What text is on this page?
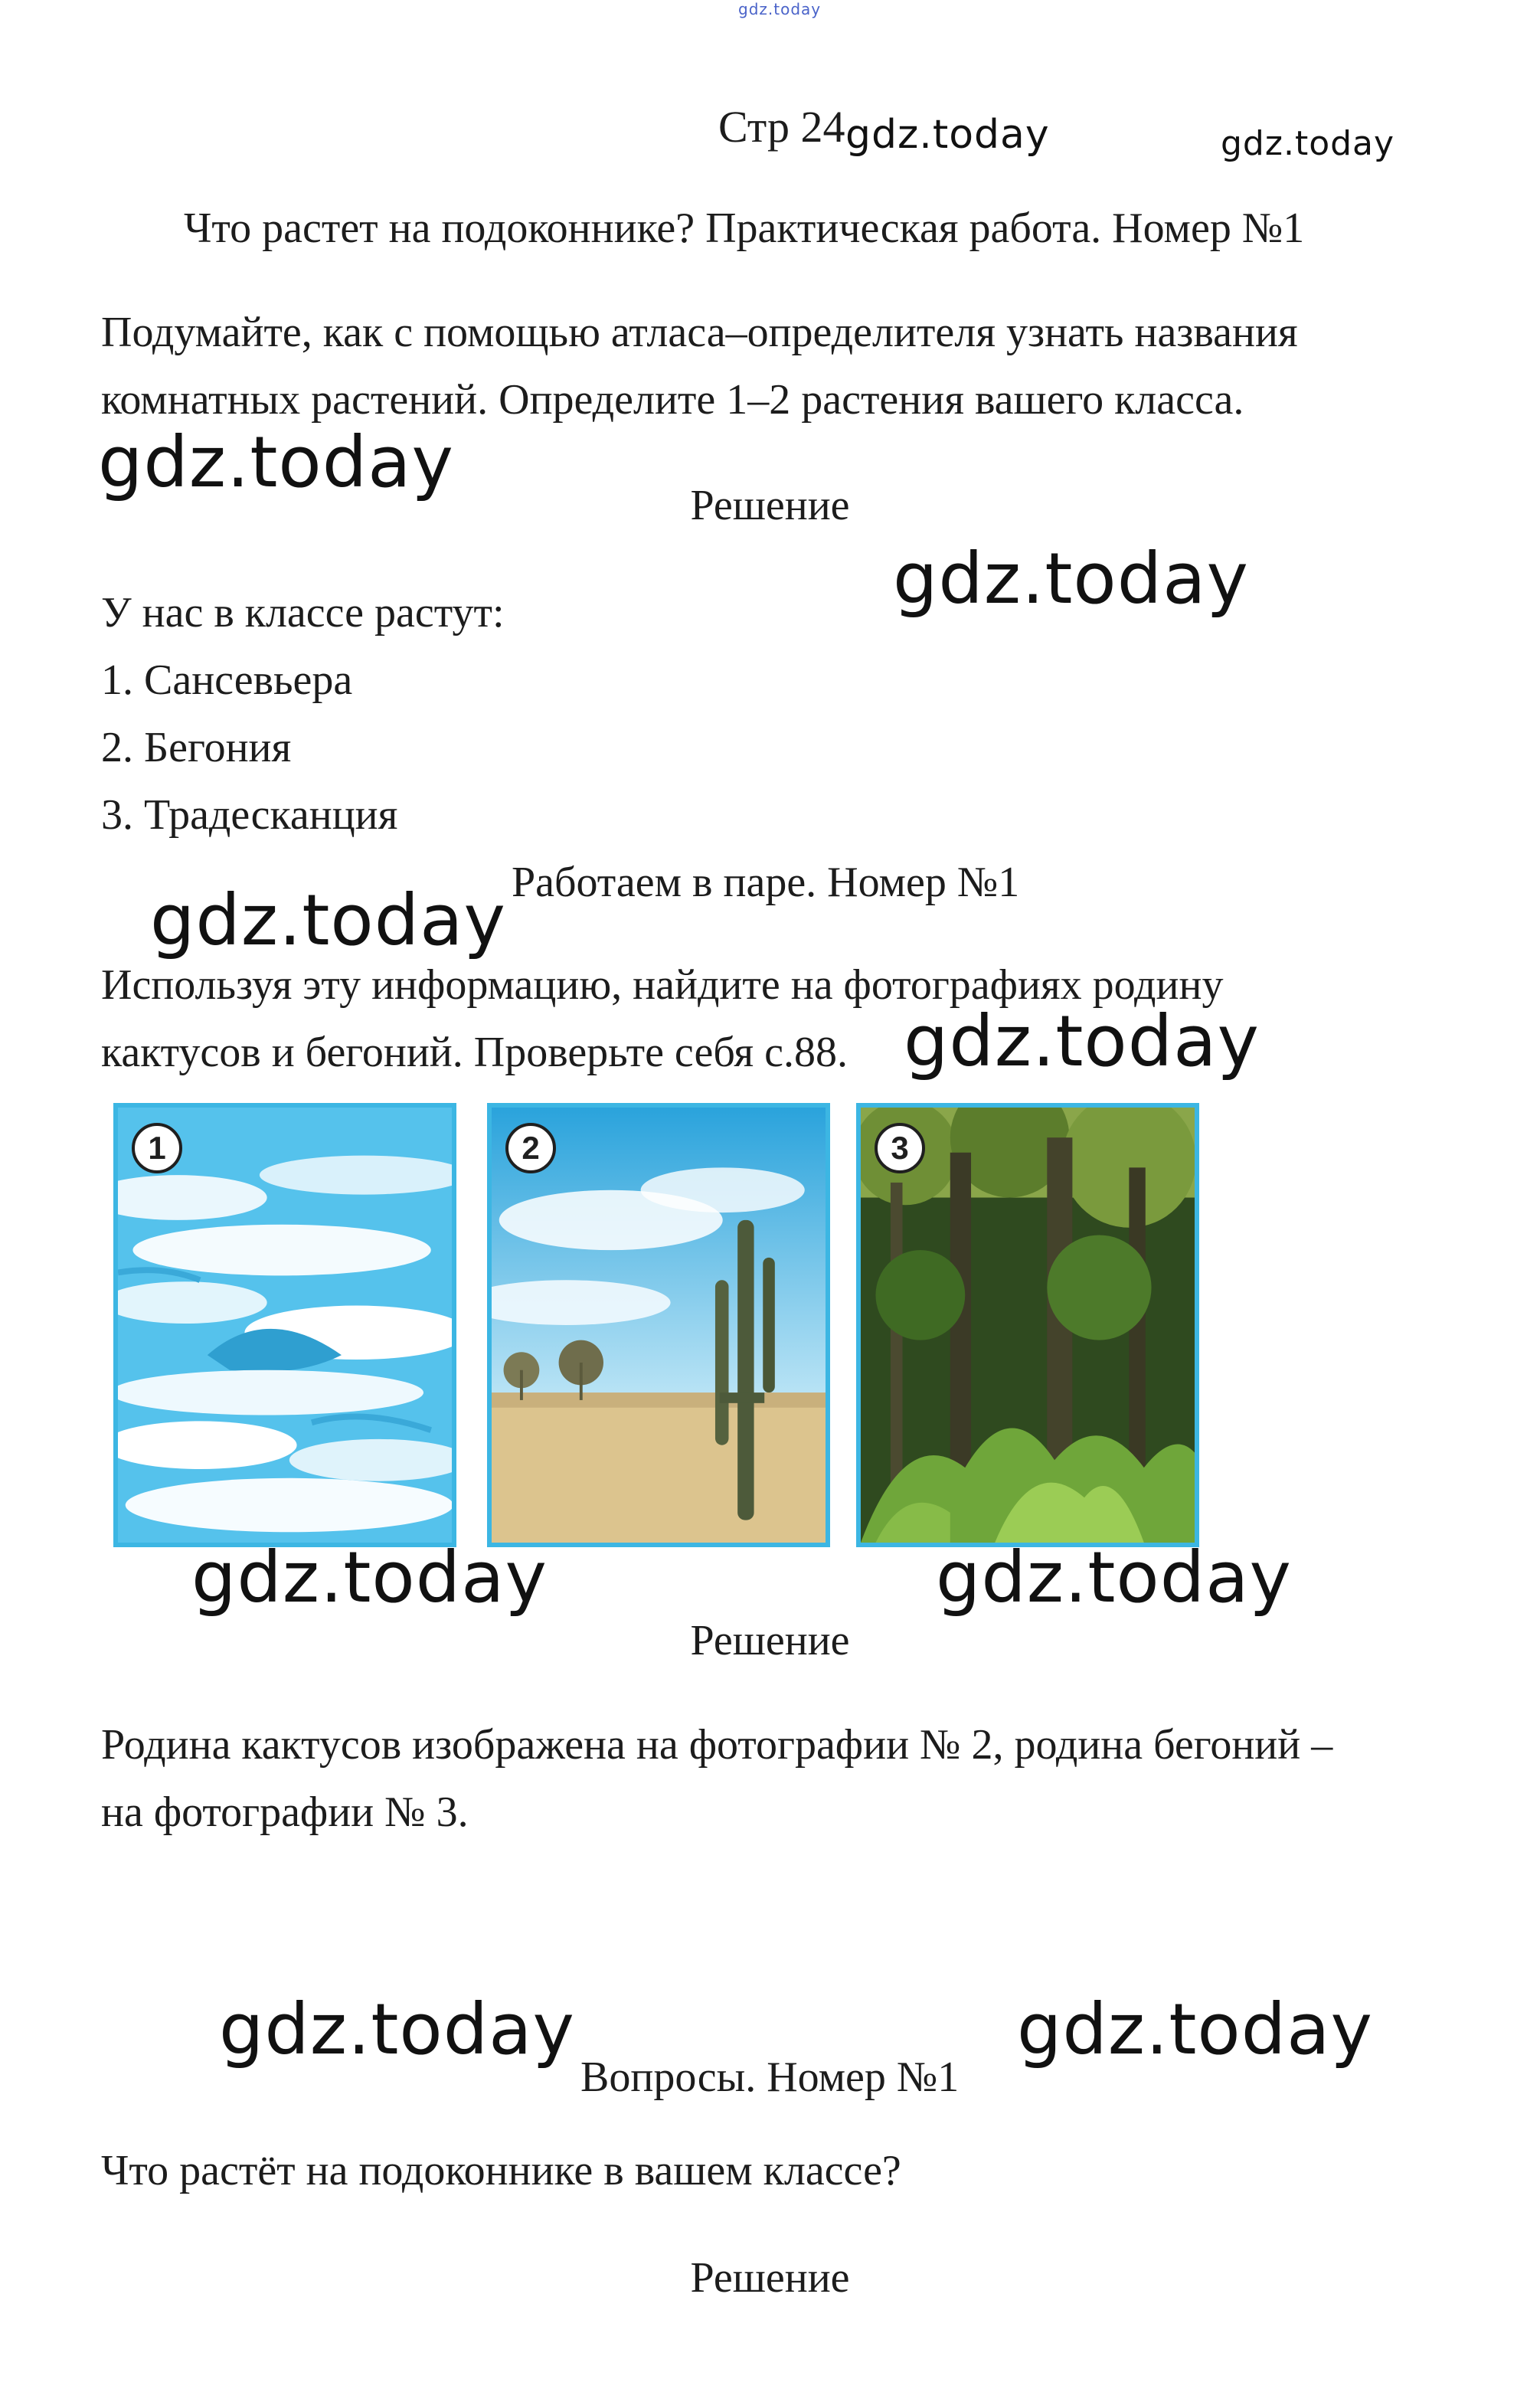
gdz.today
Стр 24 gdz.today	gdz.today
Что растет на подоконнике? Практическая работа. Номер №1
Подумайте, как с помощью атласа–определителя узнать названия
комнатных растений. Определите 1–2 растения вашего класса.
gdz.today
Решение
gdz.today
У нас в классе растут:
1. Сансевьера
2. Бегония
3. Традесканция
Работаем в паре. Номер №1
gdz.today
Используя эту информацию, найдите на фотографиях родину
кактусов и бегоний. Проверьте себя с.88. gdz.today
1	2	3
gdz.today	gdz.today
Решение
Родина кактусов изображена на фотографии № 2, родина бегоний –
на фотографии № 3.
gdz.today
Вопросы. Номер №1
gdz.today
Что растёт на подоконнике в вашем классе?
Решение
